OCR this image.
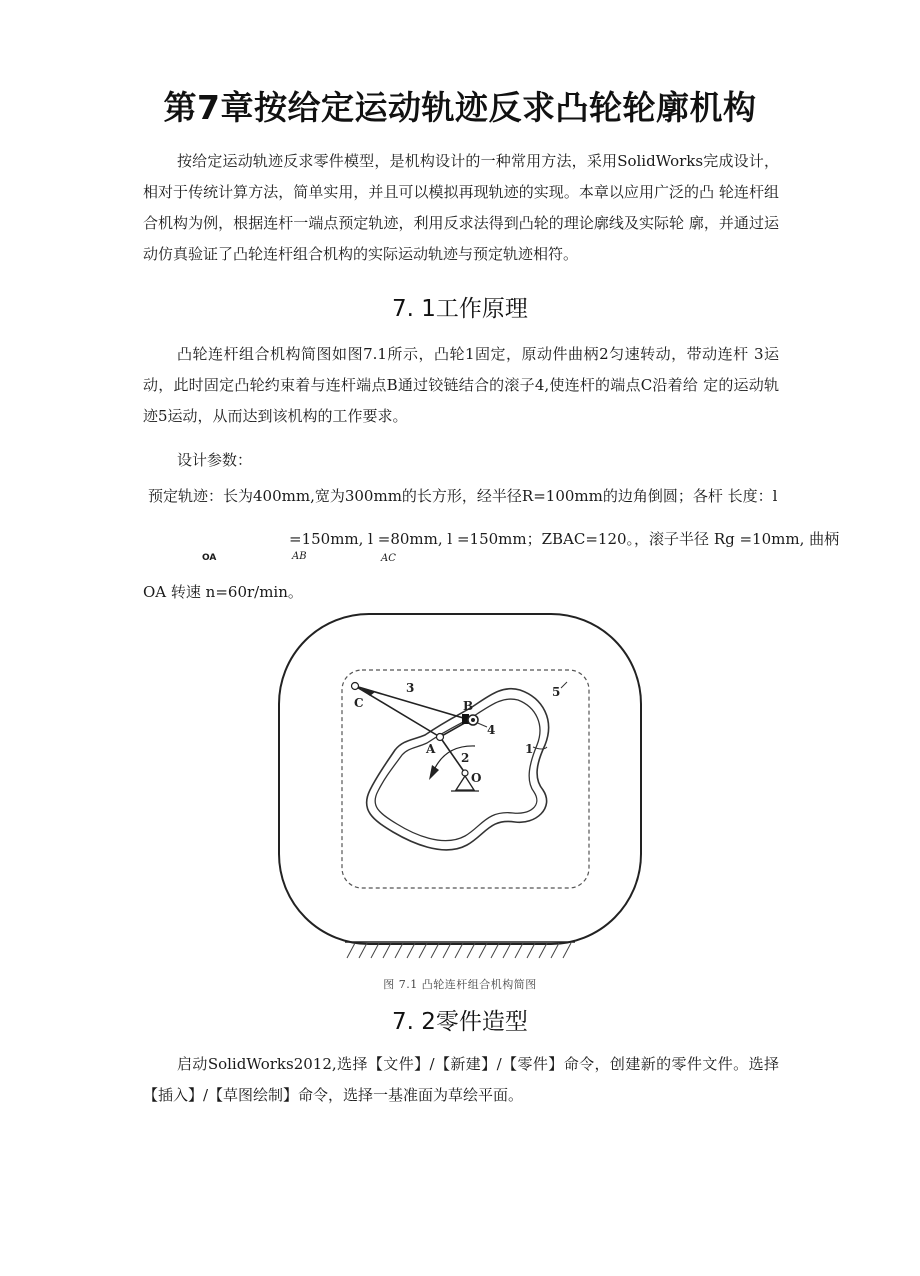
第7章按给定运动轨迹反求凸轮轮廓机构

按给定运动轨迹反求零件模型，是机构设计的一种常用方法，采用SolidWorks完成设计，相对于传统计算方法，简单实用，并且可以模拟再现轨迹的实现。本章以应用广泛的凸 轮连杆组合机构为例，根据连杆一端点预定轨迹，利用反求法得到凸轮的理论廓线及实际轮 廓，并通过运动仿真验证了凸轮连杆组合机构的实际运动轨迹与预定轨迹相符。

7. 1工作原理

凸轮连杆组合机构简图如图7.1所示，凸轮1固定，原动件曲柄2匀速转动，带动连杆 3运动，此时固定凸轮约束着与连杆端点B通过铰链结合的滚子4,使连杆的端点C沿着给 定的运动轨迹5运动，从而达到该机构的工作要求。

设计参数：
预定轨迹：长为400mm,宽为300mm的长方形，经半径R=100mm的边角倒圆；各杆 长度：l
=150mm, l =80mm, l =150mm；ZBAC=120。，滚子半径 Rg =10mm, 曲柄
OA	AB	AC
OA 转速 n=60r/min。
C	B
A
O
3
2
4
1
5
图 7.1 凸轮连杆组合机构简图
7. 2零件造型

启动SolidWorks2012,选择【文件】/【新建】/【零件】命令，创建新的零件文件。选择【插入】/【草图绘制】命令，选择一基准面为草绘平面。
